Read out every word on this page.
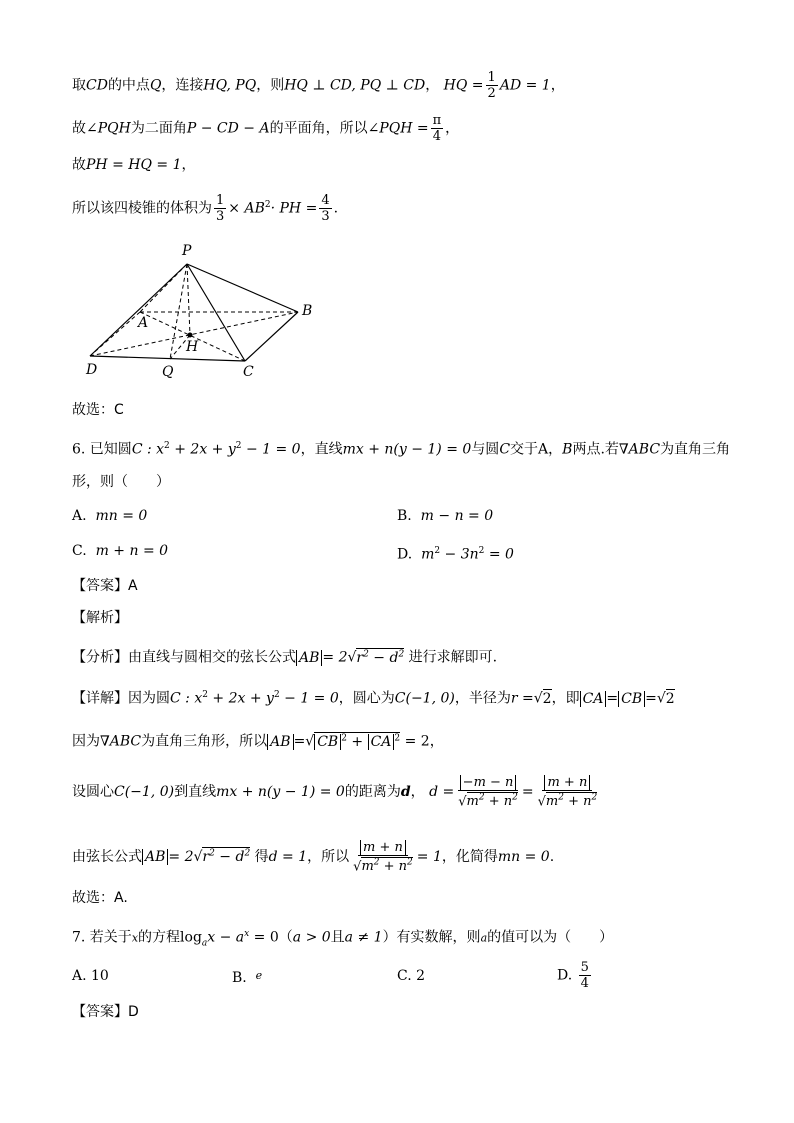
取CD的中点Q，连接HQ, PQ，则HQ ⊥ CD, PQ ⊥ CD， HQ = $\frac{1}{2}$ AD = 1，
故∠PQH为二面角P − CD − A的平面角，所以∠PQH = $\frac{\pi}{4}$ ，
故PH = HQ = 1，
所以该四棱锥的体积为 $\frac{1}{3} \times AB^2\cdot$ PH = $\frac{4}{3}$ .
P
A
B
H
D	Q	C
故选：C
6. 已知圆C : $x^2 + 2x + y^2 - 1 = 0$，直线mx + n(y − 1) = 0与圆C交于A，B两点.若∇ABC为直角三角
形，则（　　）
A. mn = 0	B. m − n = 0
C. m + n = 0	D. $m^2 - 3n^2 = 0$
【答案】A
【解析】
【分析】由直线与圆相交的弦长公式 AB = $2√r^2 - d^2$ 进行求解即可.
【详解】因为圆C : $x^2 + 2x + y^2 - 1 = 0$，圆心为C(−1, 0)，半径为r =√2，即 CA = CB =√2
因为∇ABC为直角三角形，所以 AB =√ CB $^2$ + CA $^2$ = 2，
设圆心C(−1, 0)到直线mx + n(y − 1) = 0的距离为d， $d = \frac{-m - n}{√m^2 + n^2} = \frac{m + n}{√m^2 + n^2}$
由弦长公式 AB = $2√r^2 - d^2$ 得d = 1，所以 $\frac{m + n}{√m^2 + n^2} = 1$，化简得mn = 0.
故选：A.
7. 若关于x的方程$\log_ax - a^x = 0(a > 0$且a ≠ 1）有实数解，则a的值可以为（　　）
A. 10	B. $^e$	C. 2	D. $\frac{5}{4}$
【答案】D
